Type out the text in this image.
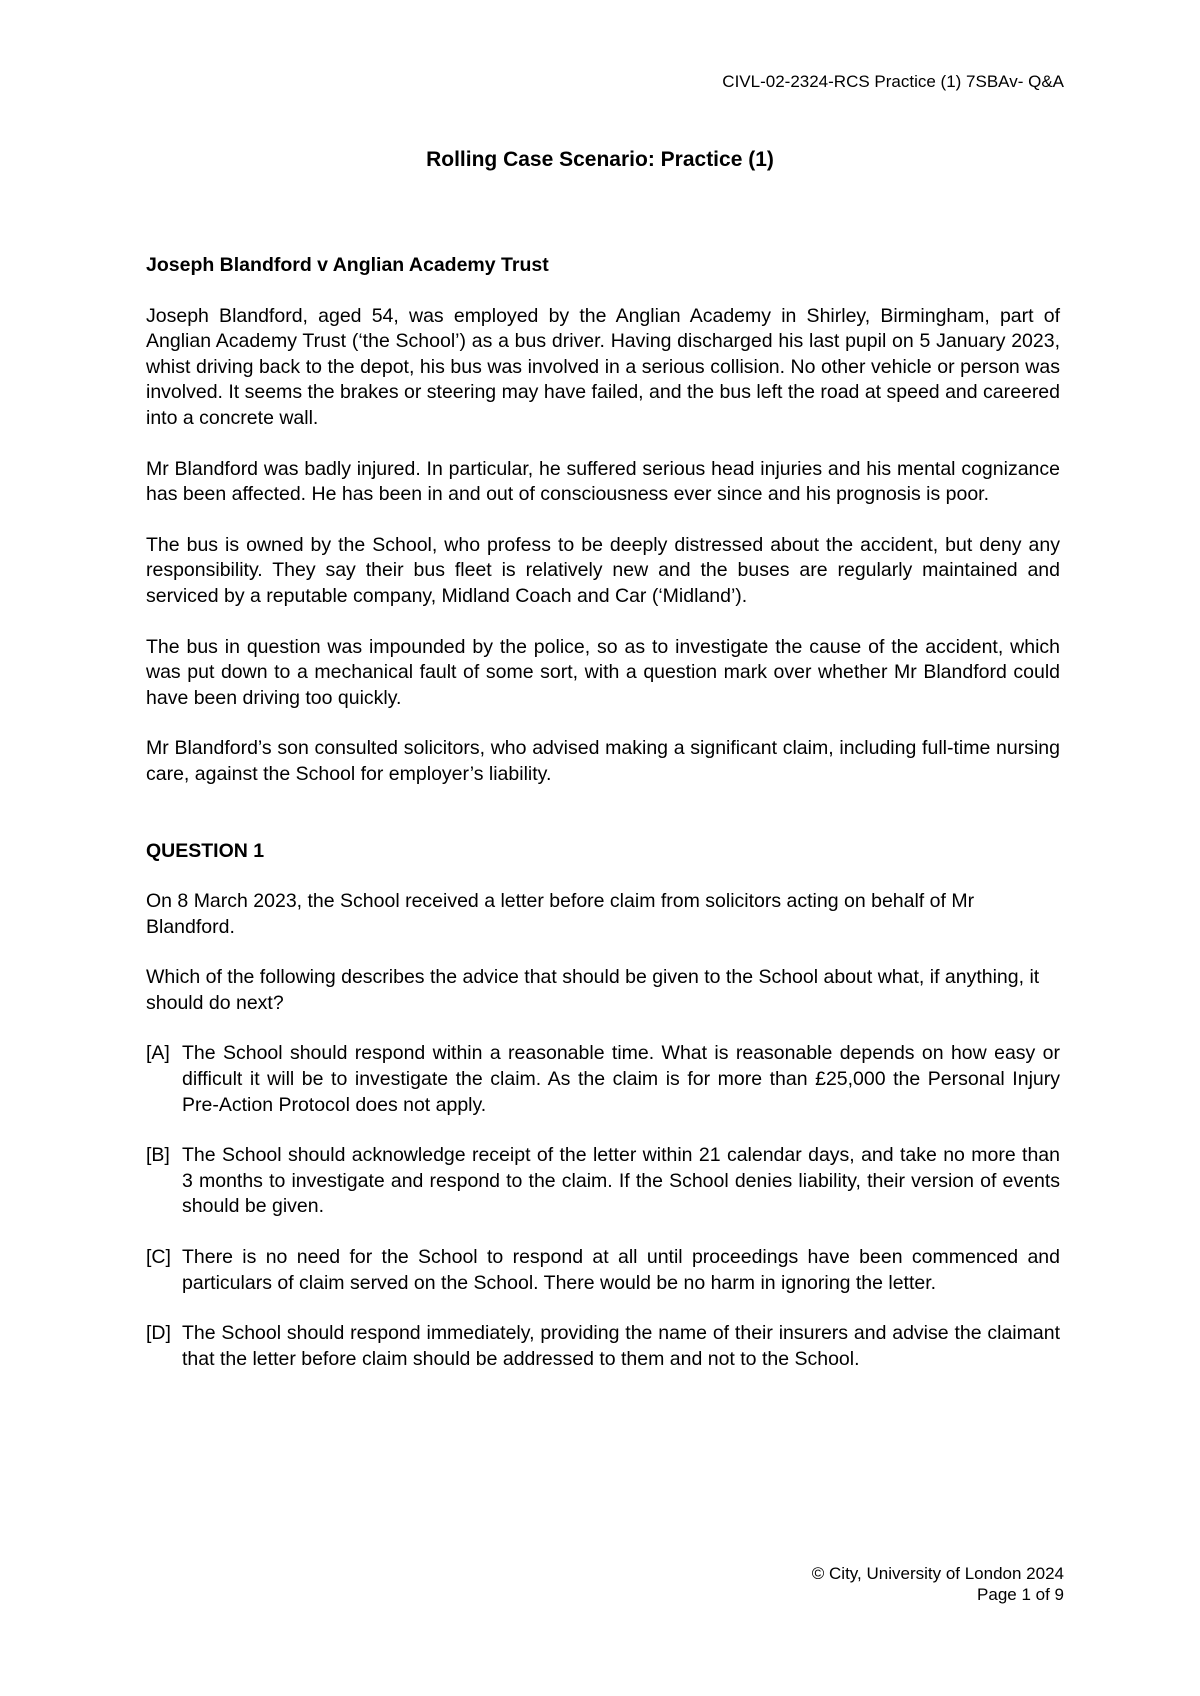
CIVL-02-2324-RCS Practice (1) 7SBAv- Q&A
Rolling Case Scenario: Practice (1)
Joseph Blandford v Anglian Academy Trust

Joseph Blandford, aged 54, was employed by the Anglian Academy in Shirley, Birmingham, part of Anglian Academy Trust (‘the School’) as a bus driver. Having discharged his last pupil on 5 January 2023, whist driving back to the depot, his bus was involved in a serious collision. No other vehicle or person was involved. It seems the brakes or steering may have failed, and the bus left the road at speed and careered into a concrete wall.

Mr Blandford was badly injured. In particular, he suffered serious head injuries and his mental cognizance has been affected. He has been in and out of consciousness ever since and his prognosis is poor.

The bus is owned by the School, who profess to be deeply distressed about the accident, but deny any responsibility. They say their bus fleet is relatively new and the buses are regularly maintained and serviced by a reputable company, Midland Coach and Car (‘Midland’).

The bus in question was impounded by the police, so as to investigate the cause of the accident, which was put down to a mechanical fault of some sort, with a question mark over whether Mr Blandford could have been driving too quickly.

Mr Blandford’s son consulted solicitors, who advised making a significant claim, including full-time nursing care, against the School for employer’s liability.

QUESTION 1

On 8 March 2023, the School received a letter before claim from solicitors acting on behalf of Mr Blandford.

Which of the following describes the advice that should be given to the School about what, if anything, it should do next?

[A] The School should respond within a reasonable time. What is reasonable depends on how easy or difficult it will be to investigate the claim. As the claim is for more than £25,000 the Personal Injury Pre-Action Protocol does not apply.
[B] The School should acknowledge receipt of the letter within 21 calendar days, and take no more than 3 months to investigate and respond to the claim. If the School denies liability, their version of events should be given.
[C] There is no need for the School to respond at all until proceedings have been commenced and particulars of claim served on the School. There would be no harm in ignoring the letter.
[D] The School should respond immediately, providing the name of their insurers and advise the claimant that the letter before claim should be addressed to them and not to the School.
© City, University of London 2024
Page 1 of 9
